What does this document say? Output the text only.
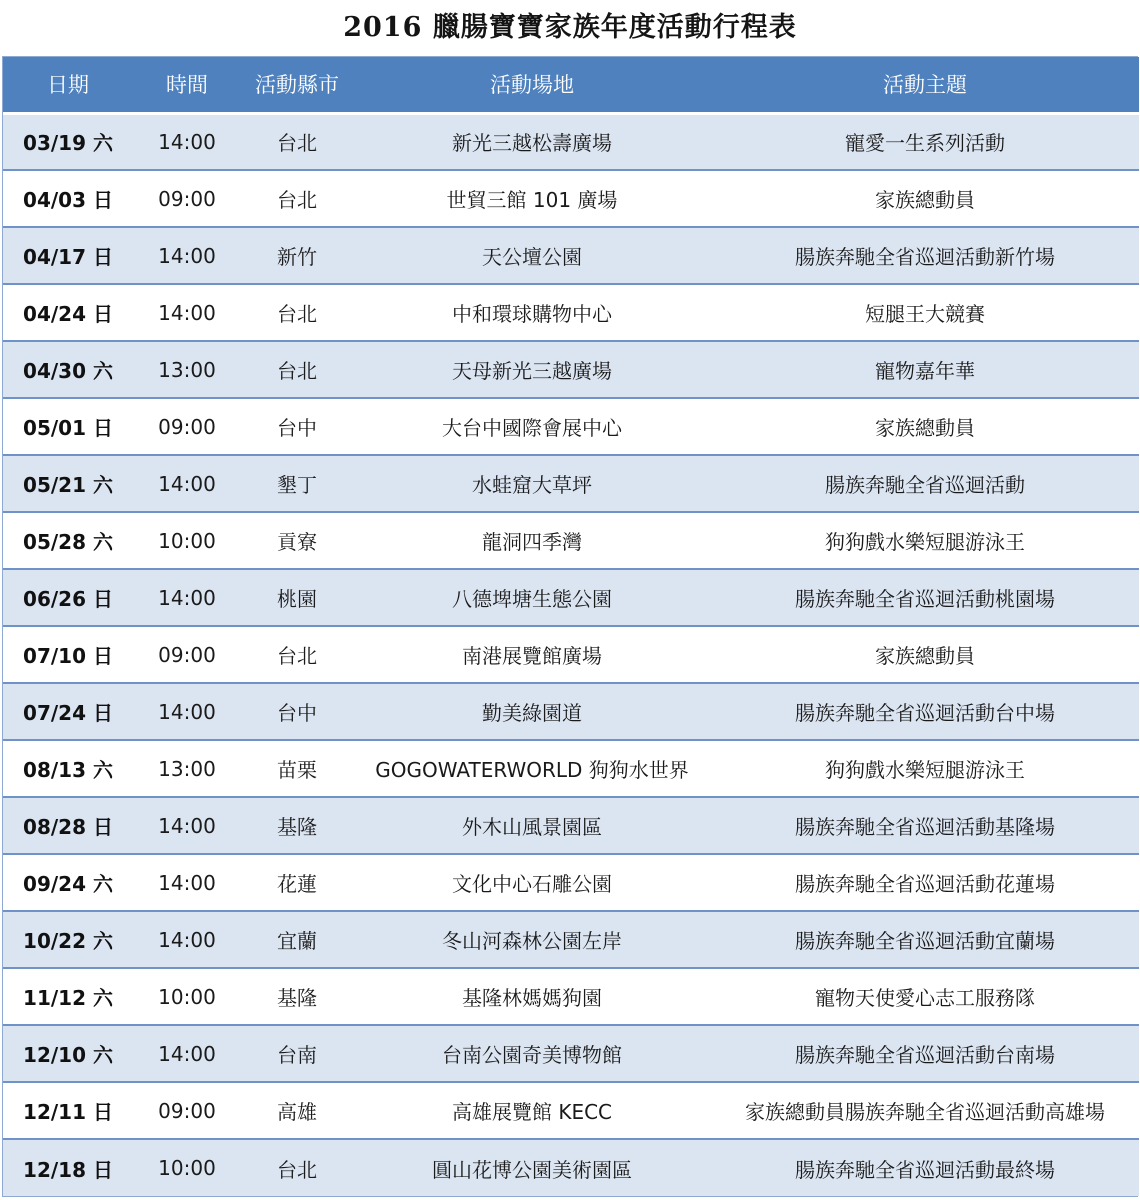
2016 臘腸寶寶家族年度活動行程表
日期	時間	活動縣市	活動場地	活動主題
03/19 六	14:00	台北	新光三越松壽廣場	寵愛一生系列活動
04/03 日	09:00	台北	世貿三館 101 廣場	家族總動員
04/17 日	14:00	新竹	天公壇公園	腸族奔馳全省巡迴活動新竹場
04/24 日	14:00	台北	中和環球購物中心	短腿王大競賽
04/30 六	13:00	台北	天母新光三越廣場	寵物嘉年華
05/01 日	09:00	台中	大台中國際會展中心	家族總動員
05/21 六	14:00	墾丁	水蛙窟大草坪	腸族奔馳全省巡迴活動
05/28 六	10:00	貢寮	龍洞四季灣	狗狗戲水樂短腿游泳王
06/26 日	14:00	桃園	八德埤塘生態公園	腸族奔馳全省巡迴活動桃園場
07/10 日	09:00	台北	南港展覽館廣場	家族總動員
07/24 日	14:00	台中	勤美綠園道	腸族奔馳全省巡迴活動台中場
08/13 六	13:00	苗栗	GOGOWATERWORLD 狗狗水世界	狗狗戲水樂短腿游泳王
08/28 日	14:00	基隆	外木山風景園區	腸族奔馳全省巡迴活動基隆場
09/24 六	14:00	花蓮	文化中心石雕公園	腸族奔馳全省巡迴活動花蓮場
10/22 六	14:00	宜蘭	冬山河森林公園左岸	腸族奔馳全省巡迴活動宜蘭場
11/12 六	10:00	基隆	基隆林媽媽狗園	寵物天使愛心志工服務隊
12/10 六	14:00	台南	台南公園奇美博物館	腸族奔馳全省巡迴活動台南場
12/11 日	09:00	高雄	高雄展覽館 KECC	家族總動員腸族奔馳全省巡迴活動高雄場
12/18 日	10:00	台北	圓山花博公園美術園區	腸族奔馳全省巡迴活動最終場
